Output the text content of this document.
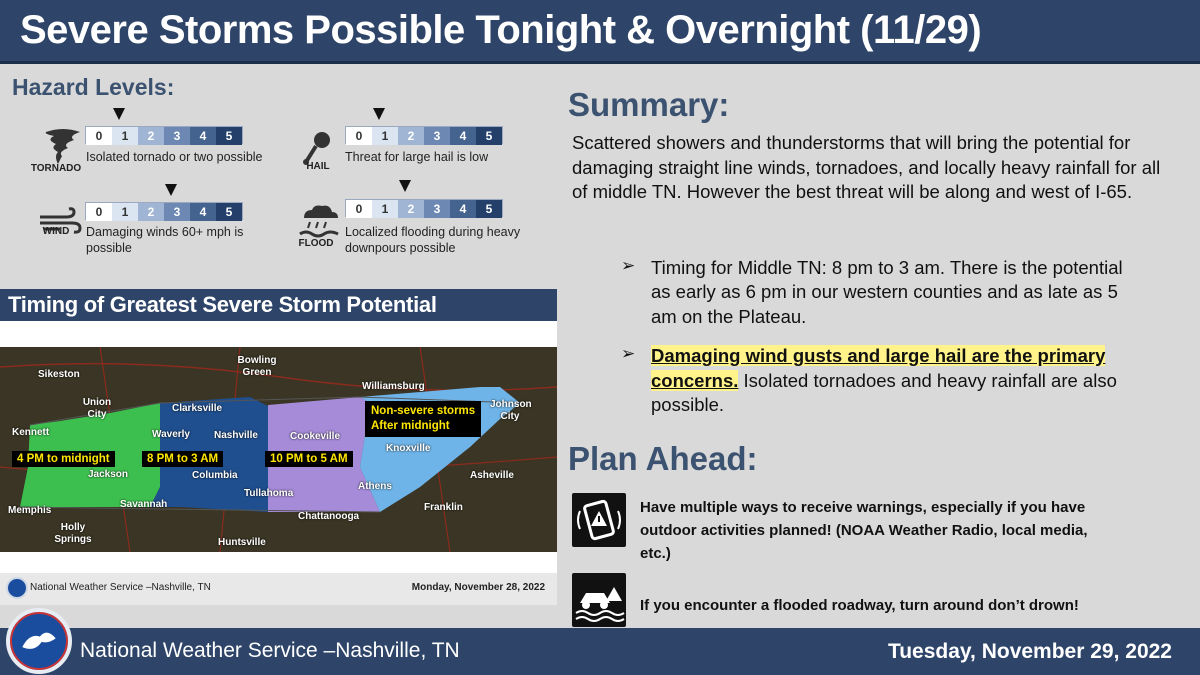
Severe Storms Possible Tonight & Overnight (11/29)
Hazard Levels:
TORNADO
0	1	2	3	4	5
Isolated tornado or two possible
HAIL
0	1	2	3	4	5
Threat for large hail is low
WIND
0	1	2	3	4	5
Damaging winds 60+ mph is
possible	FLOOD
0	1	2	3	4	5
Localized flooding during heavy
downpours possible
Timing of Greatest Severe Storm Potential
Sikeston
Bowling Green
Williamsburg
Union City
Clarksville	Johnson City
Kennett	Waverly Nashville	Cookeville
Knoxville
Jackson	Columbia
Tullahoma
Athens
Asheville
Memphis
Savannah
Chattanooga
Franklin
Holly Springs	Huntsville
4 PM to midnight	8 PM to 3 AM	10 PM to 5 AM
Non-severe storms
After midnight
National Weather Service –Nashville, TN	Monday, November 28, 2022
Summary:
Scattered showers and thunderstorms that will bring the potential for damaging straight line winds, tornadoes, and locally heavy rainfall for all of middle TN. However the best threat will be along and west of I-65.
➢ Timing for Middle TN: 8 pm to 3 am. There is the potential
as early as 6 pm in our western counties and as late as 5
am on the Plateau.
➢ Damaging wind gusts and large hail are the primary
concerns. Isolated tornadoes and heavy rainfall are also
possible.
Plan Ahead:
Have multiple ways to receive warnings, especially if you have
outdoor activities planned! (NOAA Weather Radio, local media,
etc.)
If you encounter a flooded roadway, turn around don’t drown!
National Weather Service –Nashville, TN	Tuesday, November 29, 2022
